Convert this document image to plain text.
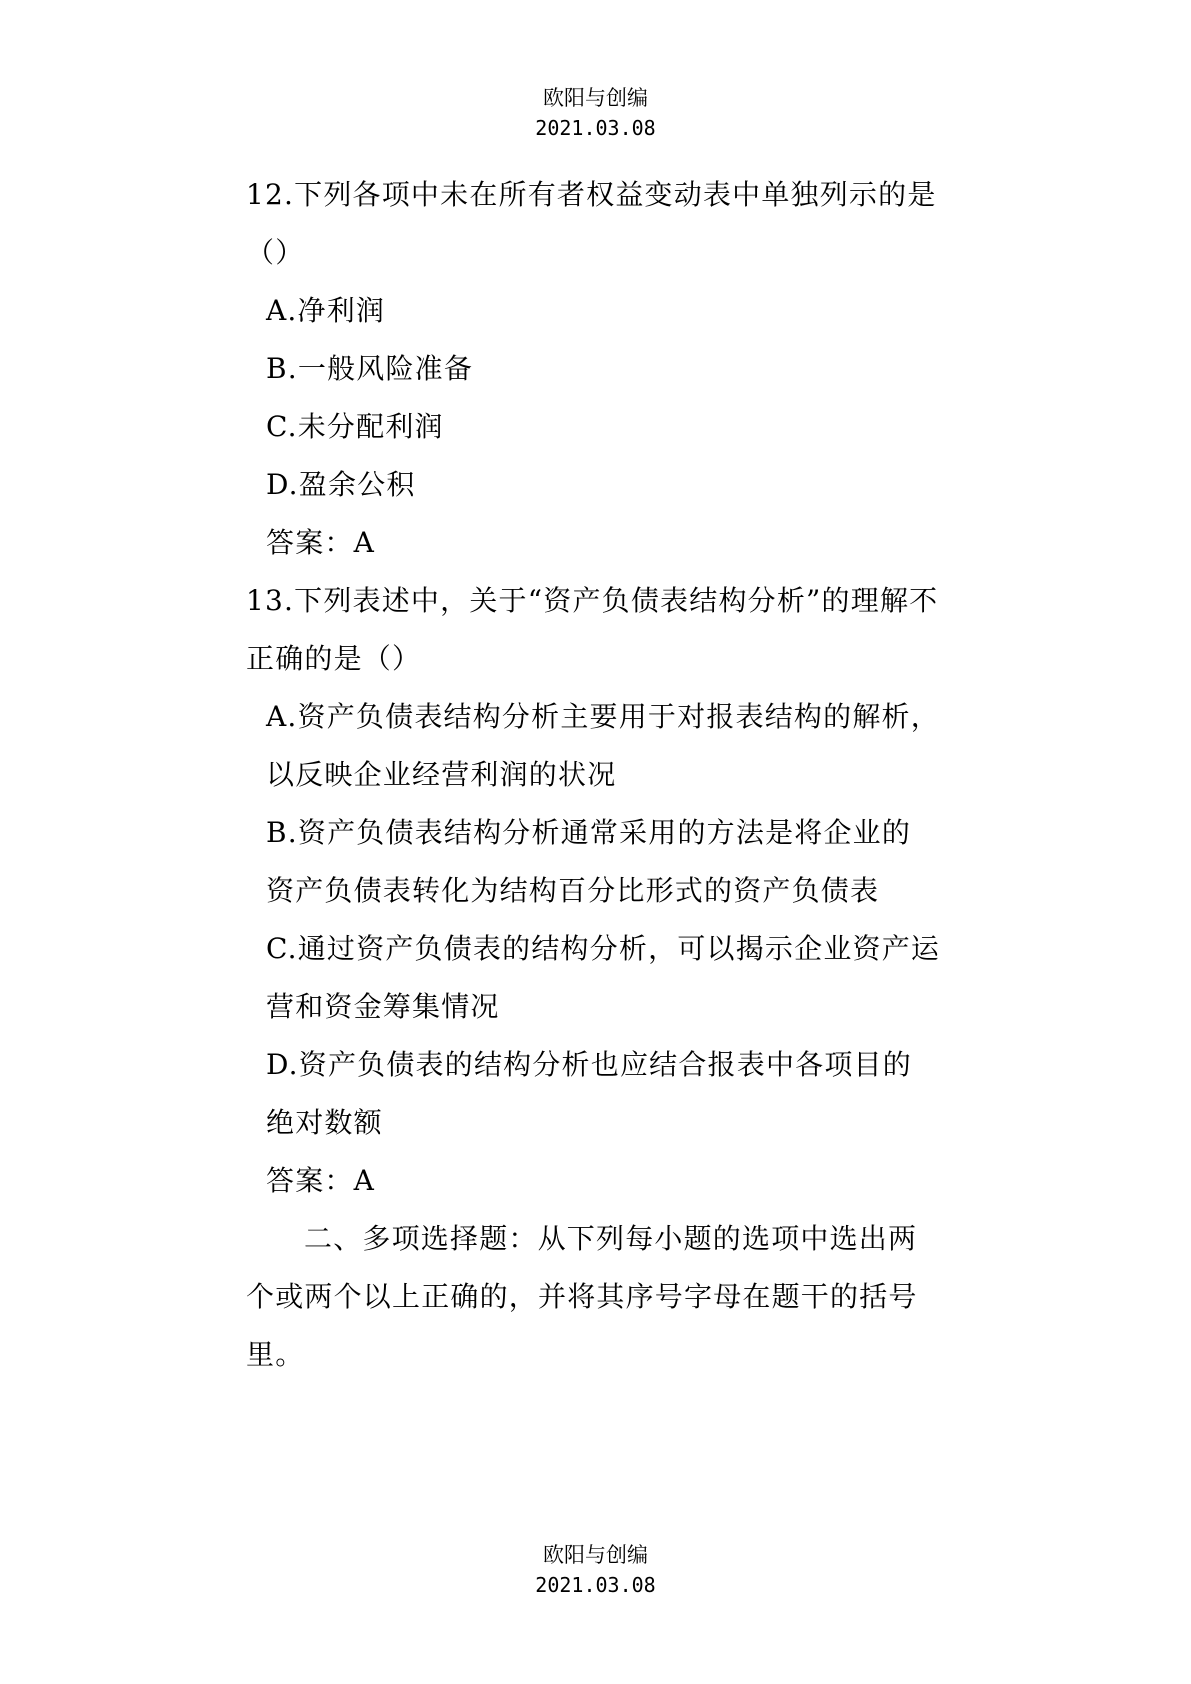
欧阳与创编
2021.03.08
12.下列各项中未在所有者权益变动表中单独列示的是
（）
A.净利润
B.一般风险准备
C.未分配利润
D.盈余公积
答案：A
13.下列表述中，关于“资产负债表结构分析”的理解不
正确的是（）
A.资产负债表结构分析主要用于对报表结构的解析，
以反映企业经营利润的状况
B.资产负债表结构分析通常采用的方法是将企业的
资产负债表转化为结构百分比形式的资产负债表
C.通过资产负债表的结构分析，可以揭示企业资产运
营和资金筹集情况
D.资产负债表的结构分析也应结合报表中各项目的
绝对数额
答案：A
二、多项选择题：从下列每小题的选项中选出两
个或两个以上正确的，并将其序号字母在题干的括号
里。
欧阳与创编
2021.03.08
